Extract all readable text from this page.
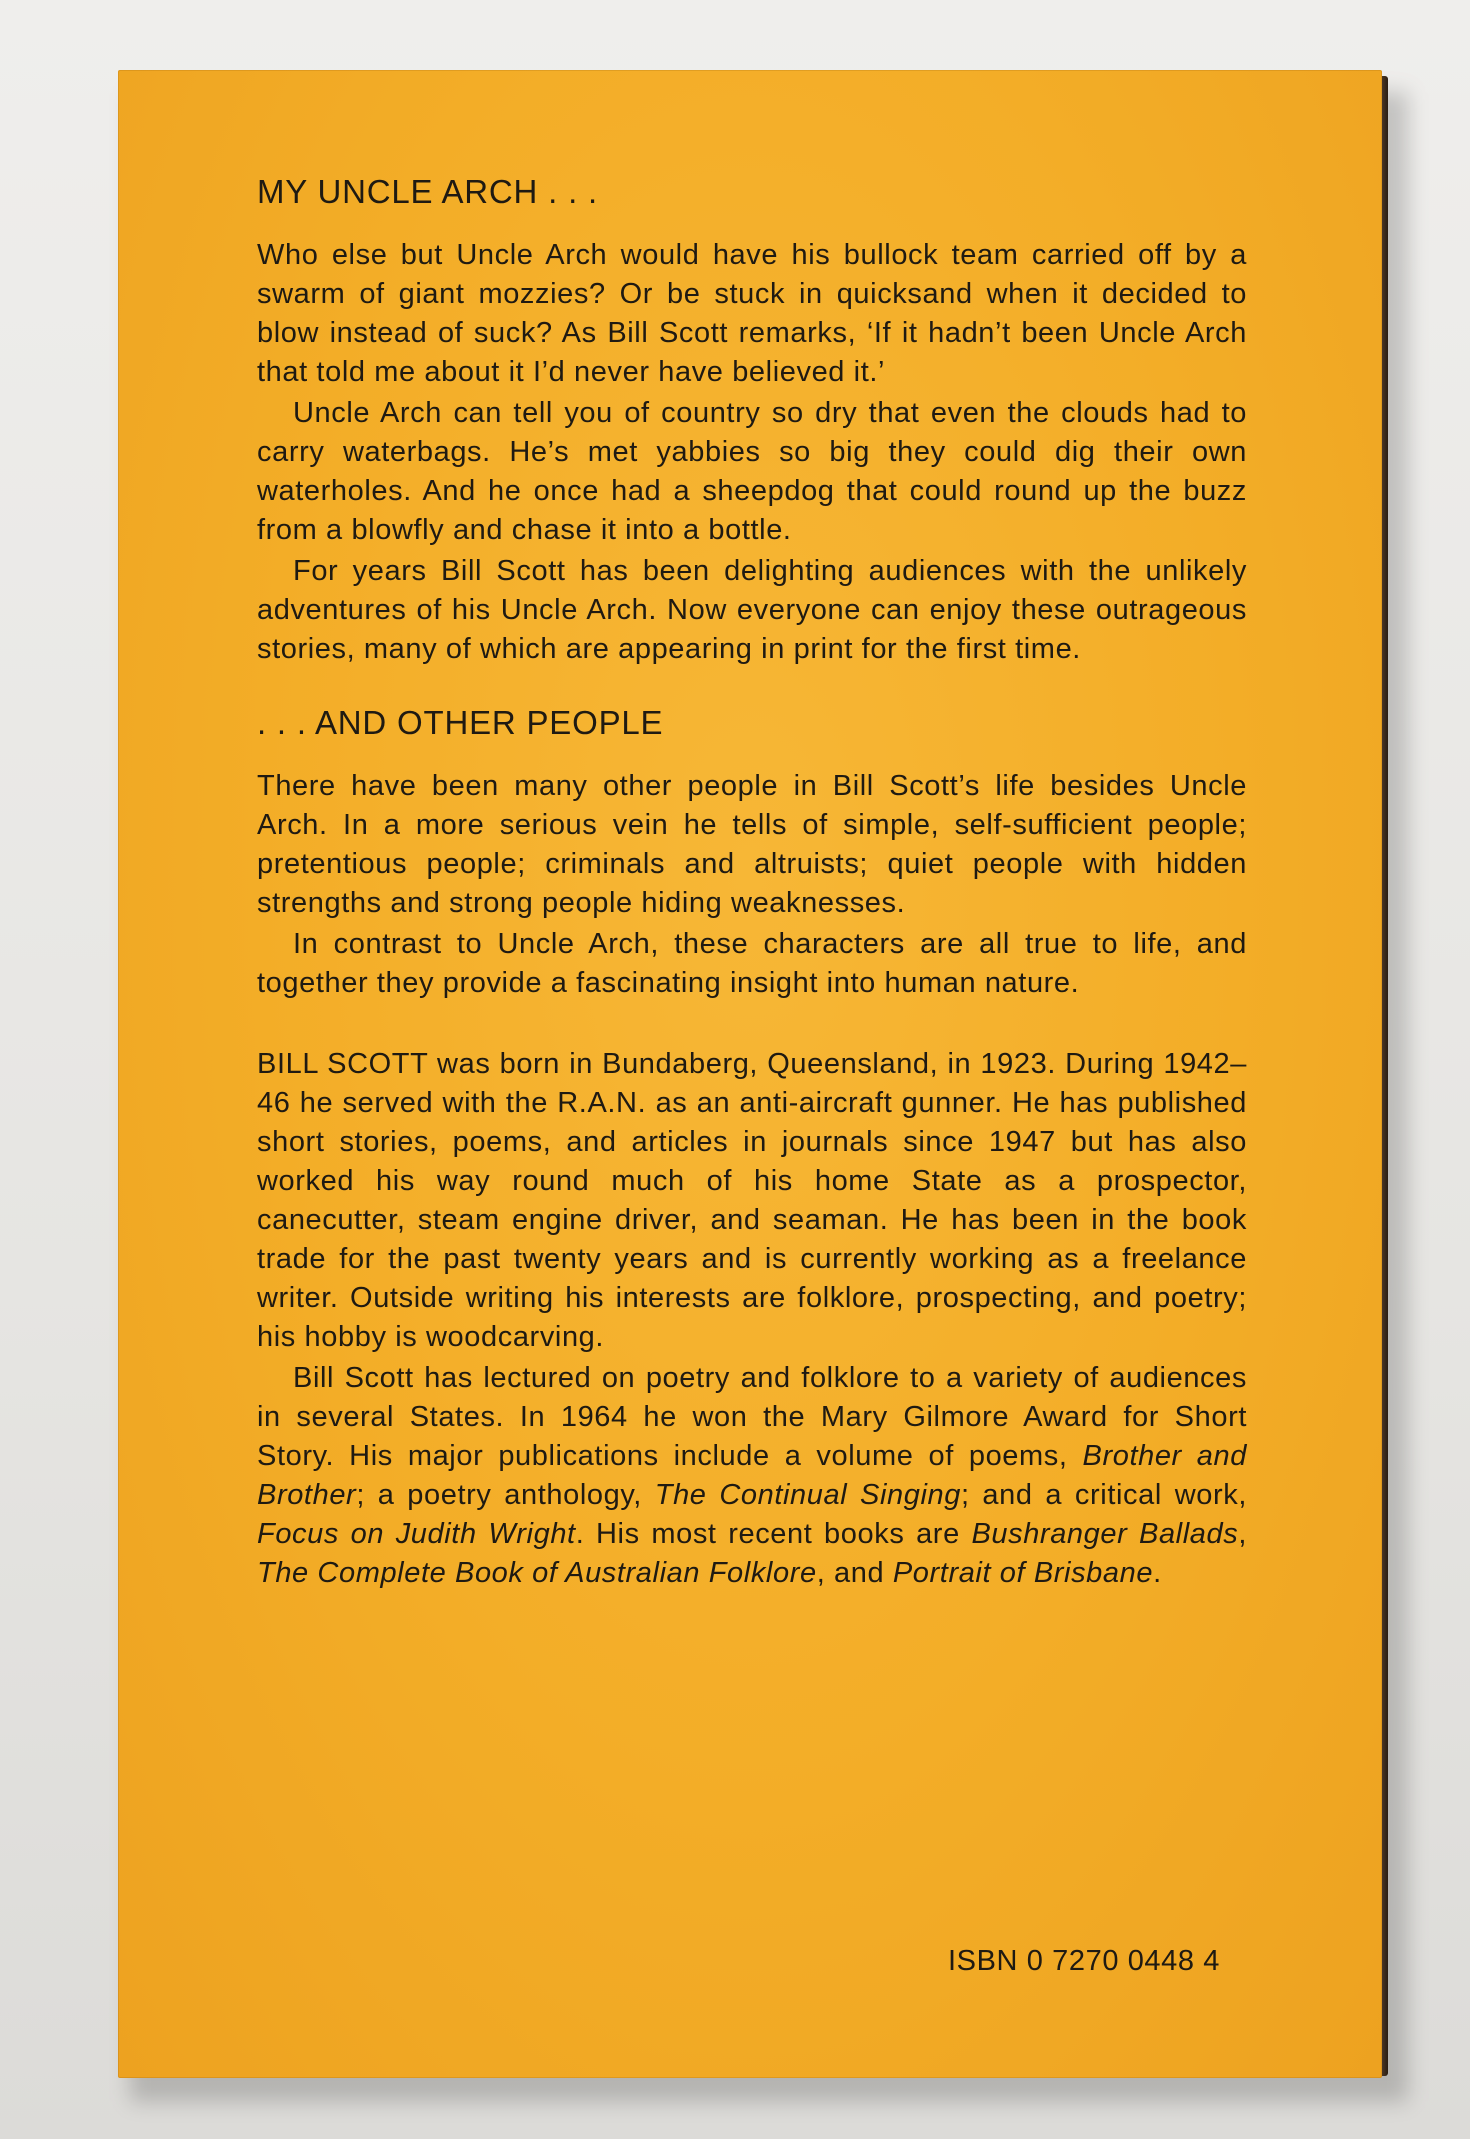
MY UNCLE ARCH . . .

Who else but Uncle Arch would have his bullock team carried off by a swarm of giant mozzies? Or be stuck in quicksand when it decided to blow instead of suck? As Bill Scott remarks, ‘If it hadn’t been Uncle Arch that told me about it I’d never have believed it.’

Uncle Arch can tell you of country so dry that even the clouds had to carry waterbags. He’s met yabbies so big they could dig their own waterholes. And he once had a sheepdog that could round up the buzz from a blowfly and chase it into a bottle.

For years Bill Scott has been delighting audiences with the unlikely adventures of his Uncle Arch. Now everyone can enjoy these outrageous stories, many of which are appearing in print for the first time.

. . . AND OTHER PEOPLE

There have been many other people in Bill Scott’s life besides Uncle Arch. In a more serious vein he tells of simple, self-sufficient people; pretentious people; criminals and altruists; quiet people with hidden strengths and strong people hiding weaknesses.

In contrast to Uncle Arch, these characters are all true to life, and together they provide a fascinating insight into human nature.

BILL SCOTT was born in Bundaberg, Queensland, in 1923. During 1942–46 he served with the R.A.N. as an anti-aircraft gunner. He has published short stories, poems, and articles in journals since 1947 but has also worked his way round much of his home State as a prospector, canecutter, steam engine driver, and seaman. He has been in the book trade for the past twenty years and is currently working as a freelance writer. Outside writing his interests are folklore, prospecting, and poetry; his hobby is woodcarving.

Bill Scott has lectured on poetry and folklore to a variety of audiences in several States. In 1964 he won the Mary Gilmore Award for Short Story. His major publications include a volume of poems, Brother and Brother; a poetry anthology, The Continual Singing; and a critical work, Focus on Judith Wright. His most recent books are Bushranger Ballads, The Complete Book of Australian Folklore, and Portrait of Brisbane.

ISBN 0 7270 0448 4
